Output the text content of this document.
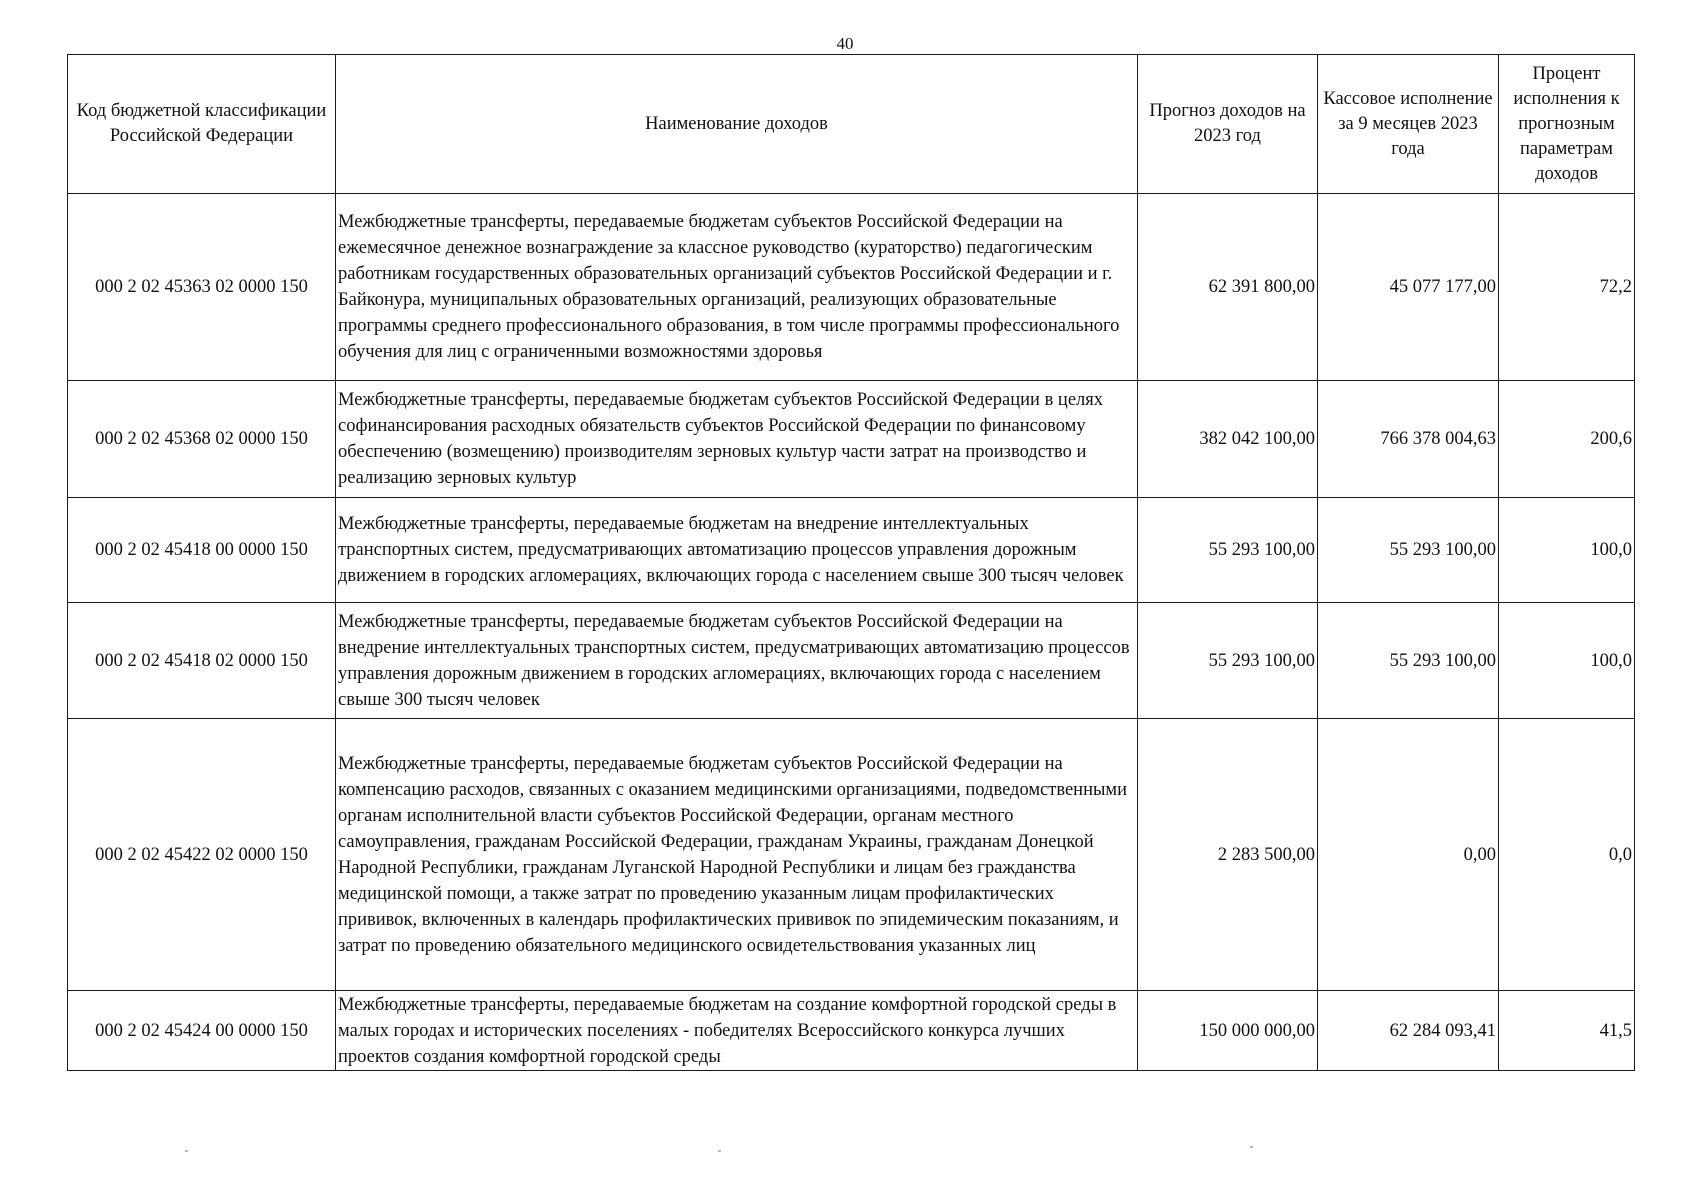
40
Код бюджетной классификации Российской Федерации	Наименование доходов	Прогноз доходов на 2023 год	Кассовое исполнение за 9 месяцев 2023 года	Процент исполнения к прогнозным параметрам доходов
000 2 02 45363 02 0000 150	Межбюджетные трансферты, передаваемые бюджетам субъектов Российской Федерации на ежемесячное денежное вознаграждение за классное руководство (кураторство) педагогическим работникам государственных образовательных организаций субъектов Российской Федерации и г. Байконура, муниципальных образовательных организаций, реализующих образовательные программы среднего профессионального образования, в том числе программы профессионального обучения для лиц с ограниченными возможностями здоровья	62 391 800,00	45 077 177,00	72,2
000 2 02 45368 02 0000 150	Межбюджетные трансферты, передаваемые бюджетам субъектов Российской Федерации в целях софинансирования расходных обязательств субъектов Российской Федерации по финансовому обеспечению (возмещению) производителям зерновых культур части затрат на производство и реализацию зерновых культур	382 042 100,00	766 378 004,63	200,6
000 2 02 45418 00 0000 150	Межбюджетные трансферты, передаваемые бюджетам на внедрение интеллектуальных транспортных систем, предусматривающих автоматизацию процессов управления дорожным движением в городских агломерациях, включающих города с населением свыше 300 тысяч человек	55 293 100,00	55 293 100,00	100,0
000 2 02 45418 02 0000 150	Межбюджетные трансферты, передаваемые бюджетам субъектов Российской Федерации на внедрение интеллектуальных транспортных систем, предусматривающих автоматизацию процессов управления дорожным движением в городских агломерациях, включающих города с населением свыше 300 тысяч человек	55 293 100,00	55 293 100,00	100,0
000 2 02 45422 02 0000 150	Межбюджетные трансферты, передаваемые бюджетам субъектов Российской Федерации на компенсацию расходов, связанных с оказанием медицинскими организациями, подведомственными органам исполнительной власти субъектов Российской Федерации, органам местного самоуправления, гражданам Российской Федерации, гражданам Украины, гражданам Донецкой Народной Республики, гражданам Луганской Народной Республики и лицам без гражданства медицинской помощи, а также затрат по проведению указанным лицам профилактических прививок, включенных в календарь профилактических прививок по эпидемическим показаниям, и затрат по проведению обязательного медицинского освидетельствования указанных лиц	2 283 500,00	0,00	0,0
000 2 02 45424 00 0000 150	Межбюджетные трансферты, передаваемые бюджетам на создание комфортной городской среды в малых городах и исторических поселениях - победителях Всероссийского конкурса лучших проектов создания комфортной городской среды	150 000 000,00	62 284 093,41	41,5
